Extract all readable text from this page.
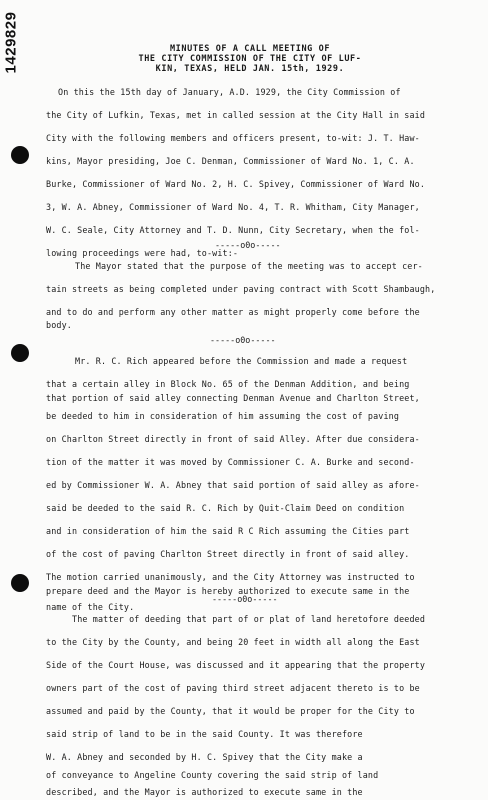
1429829	MINUTES OF A CALL MEETING OF
THE CITY COMMISSION OF THE CITY OF LUF-
KIN, TEXAS, HELD JAN. 15th, 1929.
On this the 15th day of January, A.D. 1929, the City Commission of
the City of Lufkin, Texas, met in called session at the City Hall in said
City with the following members and officers present, to-wit: J. T. Haw-
kins, Mayor presiding, Joe C. Denman, Commissioner of Ward No. 1, C. A.
Burke, Commissioner of Ward No. 2, H. C. Spivey, Commissioner of Ward No.
3, W. A. Abney, Commissioner of Ward No. 4, T. R. Whitham, City Manager,
W. C. Seale, City Attorney and T. D. Nunn, City Secretary, when the fol-
lowing proceedings were had, to-wit:-
-----o0o-----
The Mayor stated that the purpose of the meeting was to accept cer-
tain streets as being completed under paving contract with Scott Shambaugh,
and to do and perform any other matter as might properly come before the
body.
-----o0o-----
Mr. R. C. Rich appeared before the Commission and made a request
that a certain alley in Block No. 65 of the Denman Addition, and being
that portion of said alley connecting Denman Avenue and Charlton Street,
be deeded to him in consideration of him assuming the cost of paving
on Charlton Street directly in front of said Alley. After due considera-
tion of the matter it was moved by Commissioner C. A. Burke and second-
ed by Commissioner W. A. Abney that said portion of said alley as afore-
said be deeded to the said R. C. Rich by Quit-Claim Deed on condition
and in consideration of him the said R C Rich assuming the Cities part
of the cost of paving Charlton Street directly in front of said alley.
The motion carried unanimously, and the City Attorney was instructed to
prepare deed and the Mayor is hereby authorized to execute same in the
name of the City.
-----o0o-----
The matter of deeding that part of or plat of land heretofore deeded
to the City by the County, and being 20 feet in width all along the East
Side of the Court House, was discussed and it appearing that the property
owners part of the cost of paving third street adjacent thereto is to be
assumed and paid by the County, that it would be proper for the City to
said strip of land to be in the said County. It was therefore
W. A. Abney and seconded by H. C. Spivey that the City make a
of conveyance to Angeline County covering the said strip of land
described, and the Mayor is authorized to execute same in the
